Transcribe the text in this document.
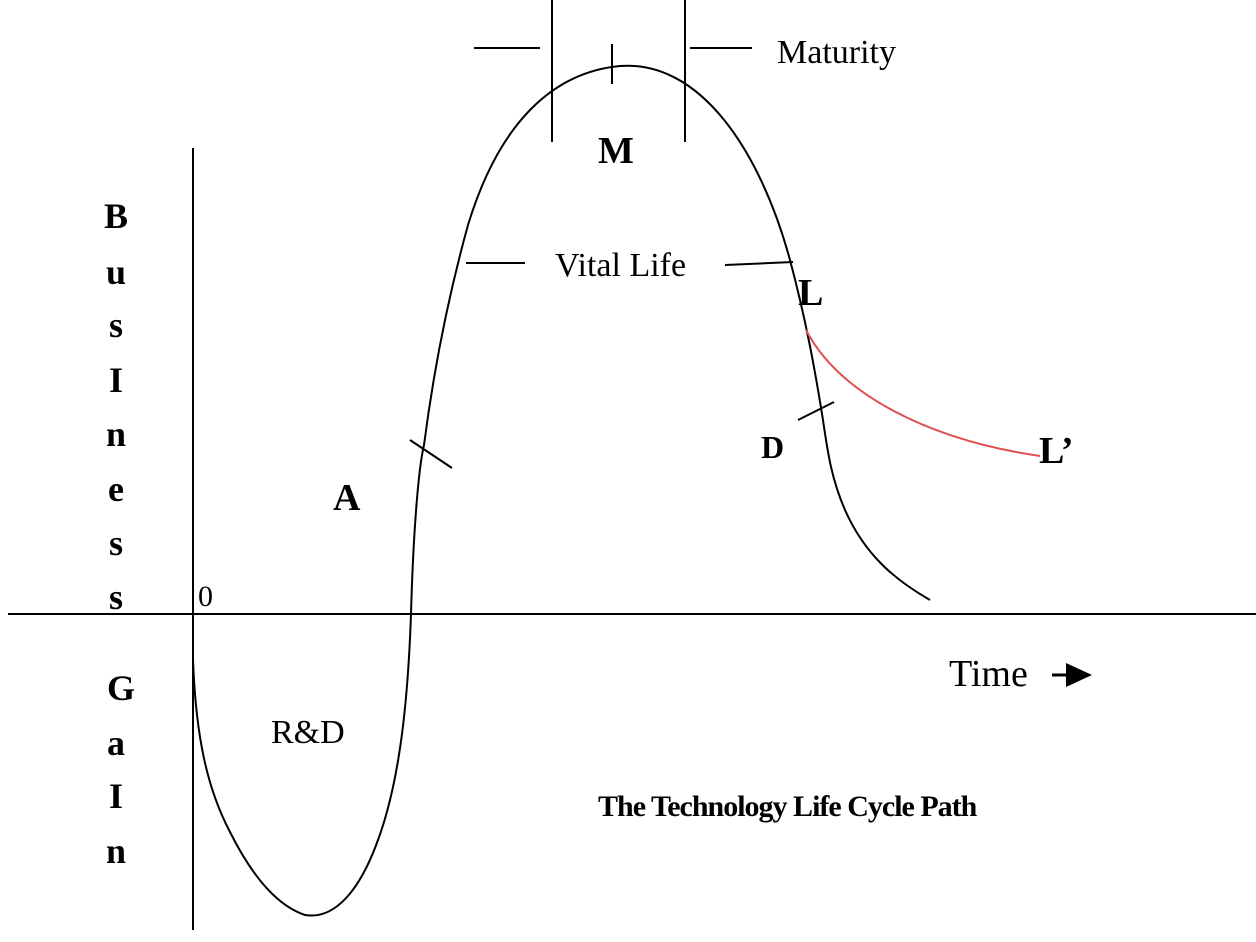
B
u
s
I
n
e
s
s
G
a
I
n
0
R&D
A
M
Maturity
Vital Life
L
D	L’
Time
The Technology Life Cycle Path
